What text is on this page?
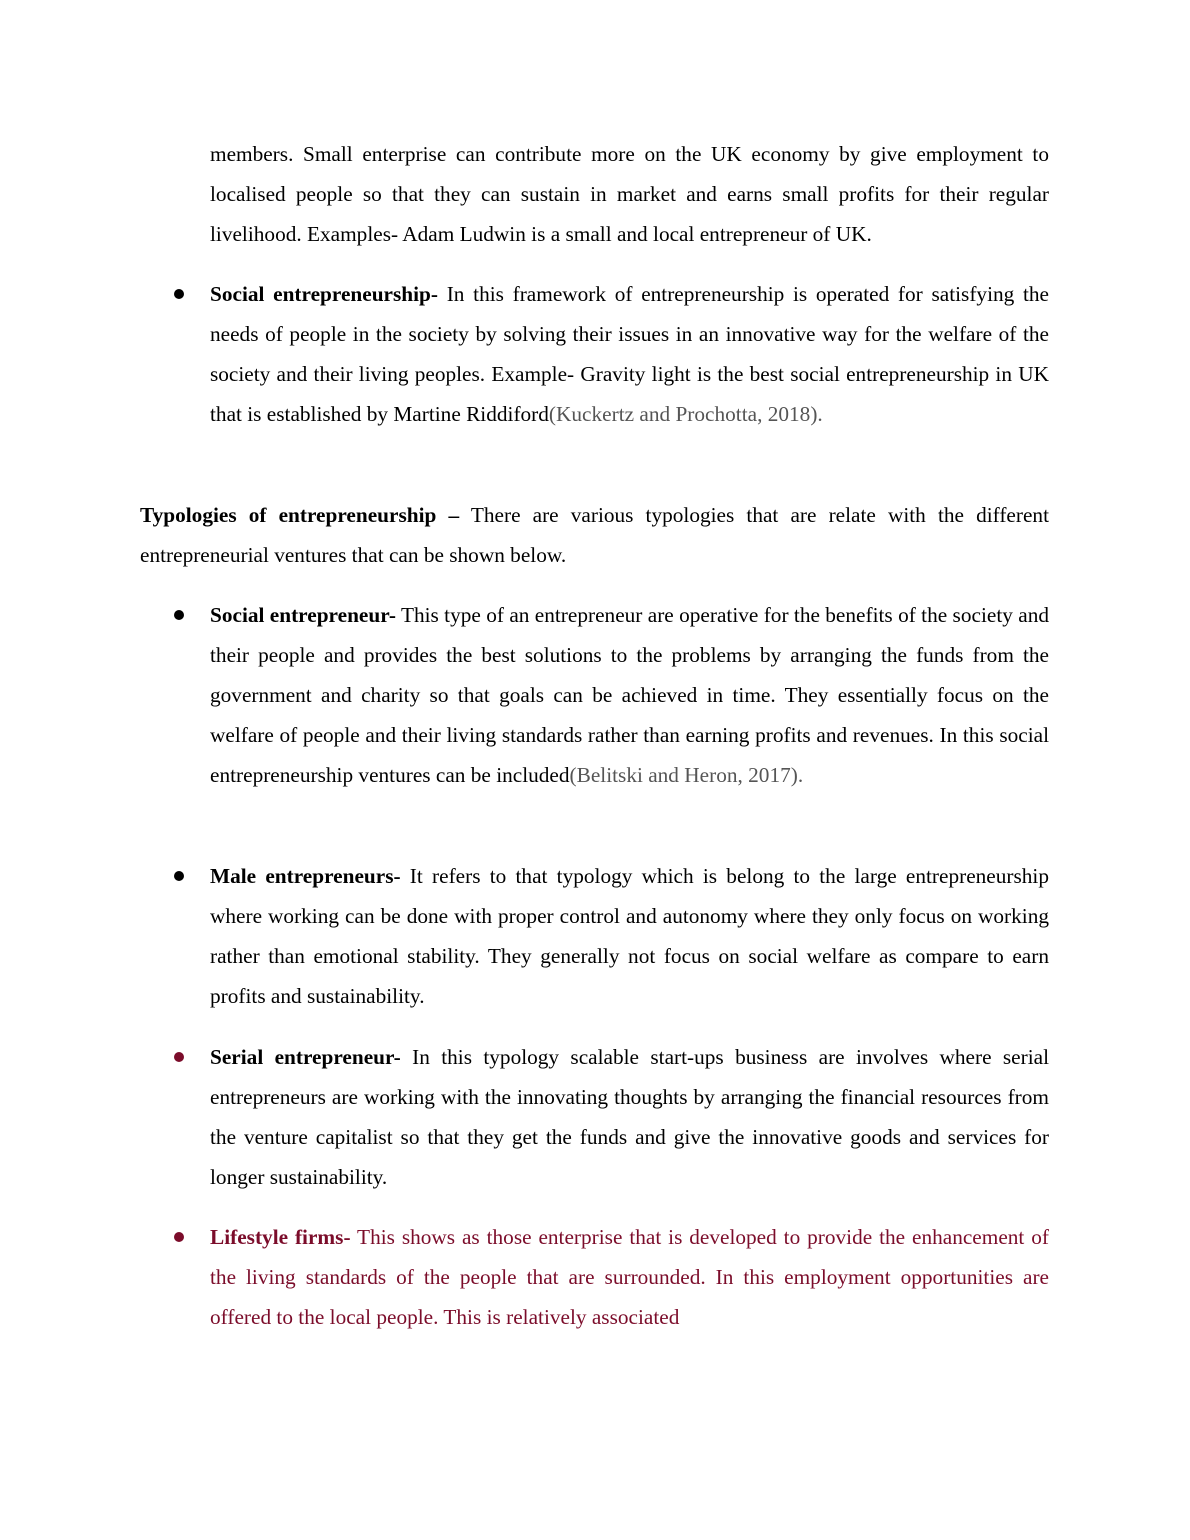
members. Small enterprise can contribute more on the UK economy by give employment to localised people so that they can sustain in market and earns small profits for their regular livelihood. Examples- Adam Ludwin is a small and local entrepreneur of UK.
Social entrepreneurship- In this framework of entrepreneurship is operated for satisfying the needs of people in the society by solving their issues in an innovative way for the welfare of the society and their living peoples. Example- Gravity light is the best social entrepreneurship in UK that is established by Martine Riddiford(Kuckertz and Prochotta, 2018).
Typologies of entrepreneurship – There are various typologies that are relate with the different entrepreneurial ventures that can be shown below.
Social entrepreneur- This type of an entrepreneur are operative for the benefits of the society and their people and provides the best solutions to the problems by arranging the funds from the government and charity so that goals can be achieved in time. They essentially focus on the welfare of people and their living standards rather than earning profits and revenues. In this social entrepreneurship ventures can be included(Belitski and Heron, 2017).
Male entrepreneurs- It refers to that typology which is belong to the large entrepreneurship where working can be done with proper control and autonomy where they only focus on working rather than emotional stability. They generally not focus on social welfare as compare to earn profits and sustainability.
Serial entrepreneur- In this typology scalable start-ups business are involves where serial entrepreneurs are working with the innovating thoughts by arranging the financial resources from the venture capitalist so that they get the funds and give the innovative goods and services for longer sustainability.
Lifestyle firms- This shows as those enterprise that is developed to provide the enhancement of the living standards of the people that are surrounded. In this employment opportunities are offered to the local people. This is relatively associated
